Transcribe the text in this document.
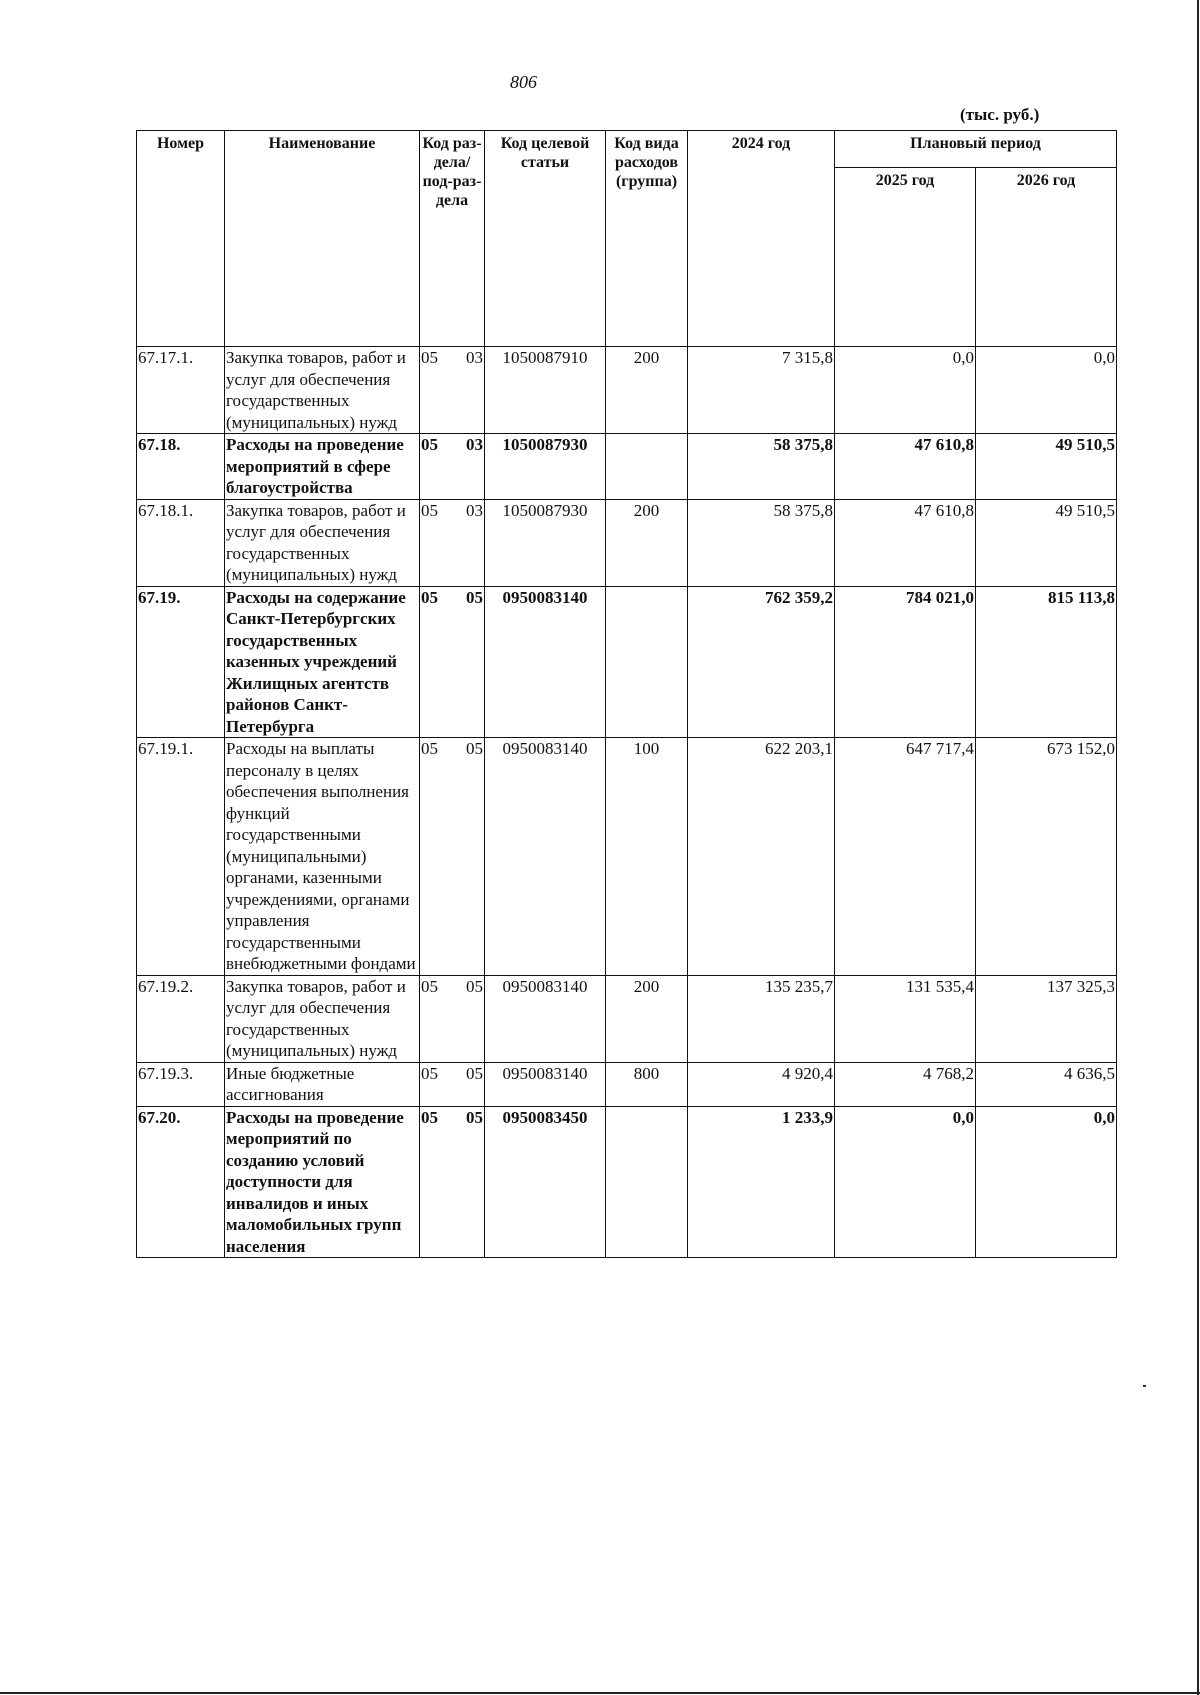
806
(тыс. руб.)
Номер	Наименование	Код раз-дела/ под-раз-дела	Код целевой статьи	Код вида расходов (группа)	2024 год	Плановый период	
						2025 год	2026 год
67.17.1.	Закупка товаров, работ и услуг для обеспечения государственных (муниципальных) нужд	05 03	1050087910	200	7 315,8	0,0	0,0
67.18.	Расходы на проведение мероприятий в сфере благоустройства	05 03	1050087930		58 375,8	47 610,8	49 510,5
67.18.1.	Закупка товаров, работ и услуг для обеспечения государственных (муниципальных) нужд	05 03	1050087930	200	58 375,8	47 610,8	49 510,5
67.19.	Расходы на содержание Санкт-Петербургских государственных казенных учреждений Жилищных агентств районов Санкт-Петербурга	05 05	0950083140		762 359,2	784 021,0	815 113,8
67.19.1.	Расходы на выплаты персоналу в целях обеспечения выполнения функций государственными (муниципальными) органами, казенными учреждениями, органами управления государственными внебюджетными фондами	05 05	0950083140	100	622 203,1	647 717,4	673 152,0
67.19.2.	Закупка товаров, работ и услуг для обеспечения государственных (муниципальных) нужд	05 05	0950083140	200	135 235,7	131 535,4	137 325,3
67.19.3.	Иные бюджетные ассигнования	05 05	0950083140	800	4 920,4	4 768,2	4 636,5
67.20.	Расходы на проведение мероприятий по созданию условий доступности для инвалидов и иных маломобильных групп населения	05 05	0950083450		1 233,9	0,0	0,0
